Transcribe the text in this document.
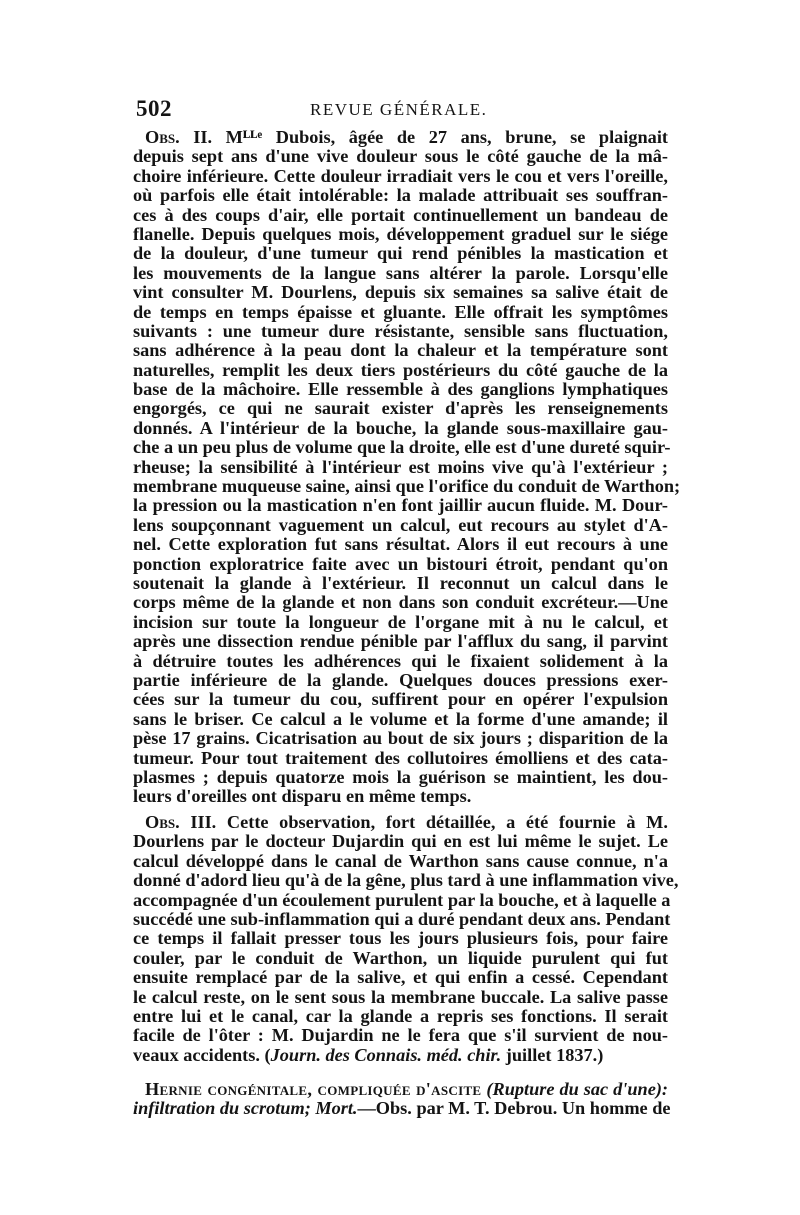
502	REVUE GÉNÉRALE.
Obs. II. Mᴸᴸᵉ Dubois, âgée de 27 ans, brune, se plaignait
depuis sept ans d'une vive douleur sous le côté gauche de la mâ-
choire inférieure. Cette douleur irradiait vers le cou et vers l'oreille,
où parfois elle était intolérable: la malade attribuait ses souffran-
ces à des coups d'air, elle portait continuellement un bandeau de
flanelle. Depuis quelques mois, développement graduel sur le siége
de la douleur, d'une tumeur qui rend pénibles la mastication et
les mouvements de la langue sans altérer la parole. Lorsqu'elle
vint consulter M. Dourlens, depuis six semaines sa salive était de
de temps en temps épaisse et gluante. Elle offrait les symptômes
suivants : une tumeur dure résistante, sensible sans fluctuation,
sans adhérence à la peau dont la chaleur et la température sont
naturelles, remplit les deux tiers postérieurs du côté gauche de la
base de la mâchoire. Elle ressemble à des ganglions lymphatiques
engorgés, ce qui ne saurait exister d'après les renseignements
donnés. A l'intérieur de la bouche, la glande sous-maxillaire gau-
che a un peu plus de volume que la droite, elle est d'une dureté squir-
rheuse; la sensibilité à l'intérieur est moins vive qu'à l'extérieur ;
membrane muqueuse saine, ainsi que l'orifice du conduit de Warthon;
la pression ou la mastication n'en font jaillir aucun fluide. M. Dour-
lens soupçonnant vaguement un calcul, eut recours au stylet d'A-
nel. Cette exploration fut sans résultat. Alors il eut recours à une
ponction exploratrice faite avec un bistouri étroit, pendant qu'on
soutenait la glande à l'extérieur. Il reconnut un calcul dans le
corps même de la glande et non dans son conduit excréteur.—Une
incision sur toute la longueur de l'organe mit à nu le calcul, et
après une dissection rendue pénible par l'afflux du sang, il parvint
à détruire toutes les adhérences qui le fixaient solidement à la
partie inférieure de la glande. Quelques douces pressions exer-
cées sur la tumeur du cou, suffirent pour en opérer l'expulsion
sans le briser. Ce calcul a le volume et la forme d'une amande; il
pèse 17 grains. Cicatrisation au bout de six jours ; disparition de la
tumeur. Pour tout traitement des collutoires émolliens et des cata-
plasmes ; depuis quatorze mois la guérison se maintient, les dou-
leurs d'oreilles ont disparu en même temps.
Obs. III. Cette observation, fort détaillée, a été fournie à M.
Dourlens par le docteur Dujardin qui en est lui même le sujet. Le
calcul développé dans le canal de Warthon sans cause connue, n'a
donné d'adord lieu qu'à de la gêne, plus tard à une inflammation vive,
accompagnée d'un écoulement purulent par la bouche, et à laquelle a
succédé une sub-inflammation qui a duré pendant deux ans. Pendant
ce temps il fallait presser tous les jours plusieurs fois, pour faire
couler, par le conduit de Warthon, un liquide purulent qui fut
ensuite remplacé par de la salive, et qui enfin a cessé. Cependant
le calcul reste, on le sent sous la membrane buccale. La salive passe
entre lui et le canal, car la glande a repris ses fonctions. Il serait
facile de l'ôter : M. Dujardin ne le fera que s'il survient de nou-
veaux accidents. (Journ. des Connais. méd. chir. juillet 1837.)
Hernie congénitale, compliquée d'ascite (Rupture du sac d'une):
infiltration du scrotum; Mort.—Obs. par M. T. Debrou. Un homme de
